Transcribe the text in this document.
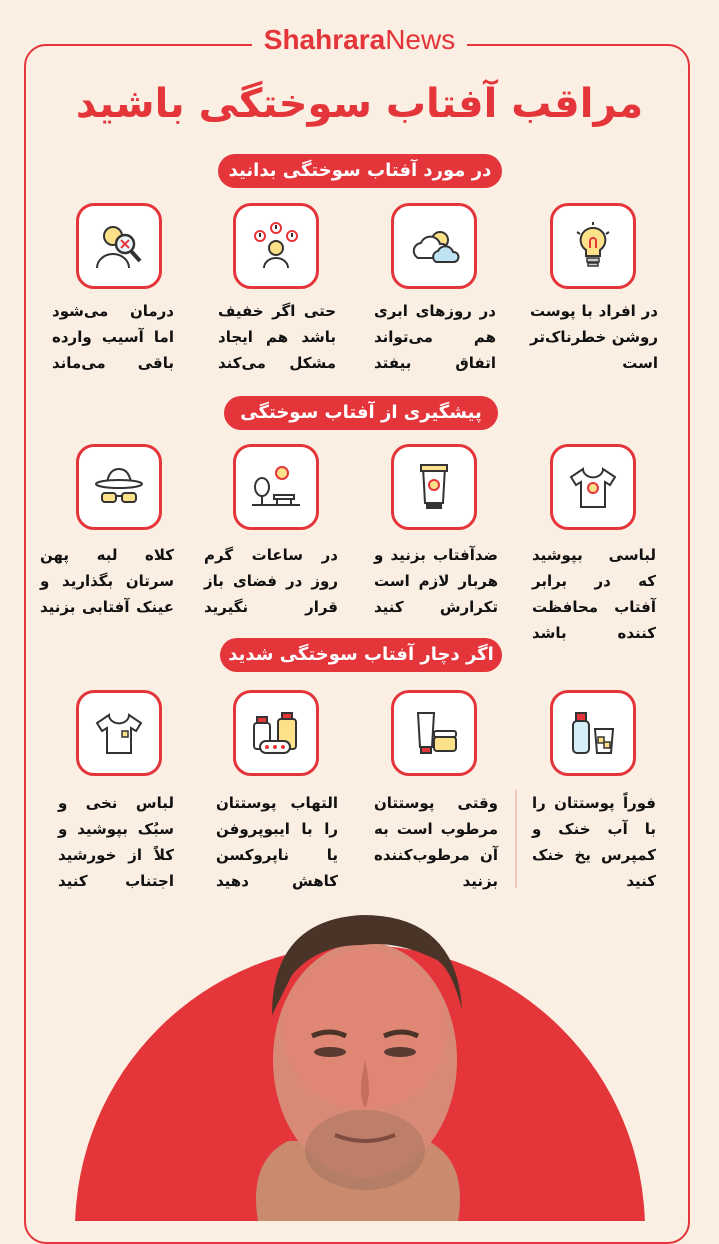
ShahraraNews
مراقب آفتاب سوختگی باشید
در مورد آفتاب سوختگی بدانید
در افراد با پوست روشن خطرناک‌تر است
در روزهای ابری هم می‌تواند اتفاق بیفتد
حتی اگر خفیف باشد هم ایجاد مشکل می‌کند
درمان می‌شود اما آسیب وارده باقی می‌ماند
پیشگیری از آفتاب سوختگی
لباسی بپوشید که در برابر آفتاب محافظت کننده باشد
ضدآفتاب بزنید و هربار لازم است تکرارش کنید
در ساعات گرم روز در فضای باز قرار نگیرید
کلاه لبه پهن سرتان بگذارید و عینک آفتابی بزنید
اگر دچار آفتاب سوختگی شدید
فوراً پوستتان را با آب خنک و کمپرس یخ خنک کنید
وقتی پوستتان مرطوب است به آن مرطوب‌کننده بزنید
التهاب پوستتان را با ایبوپروفن یا ناپروکسن کاهش دهید
لباس نخی و سبُک بپوشید و کلاً از خورشید اجتناب کنید
